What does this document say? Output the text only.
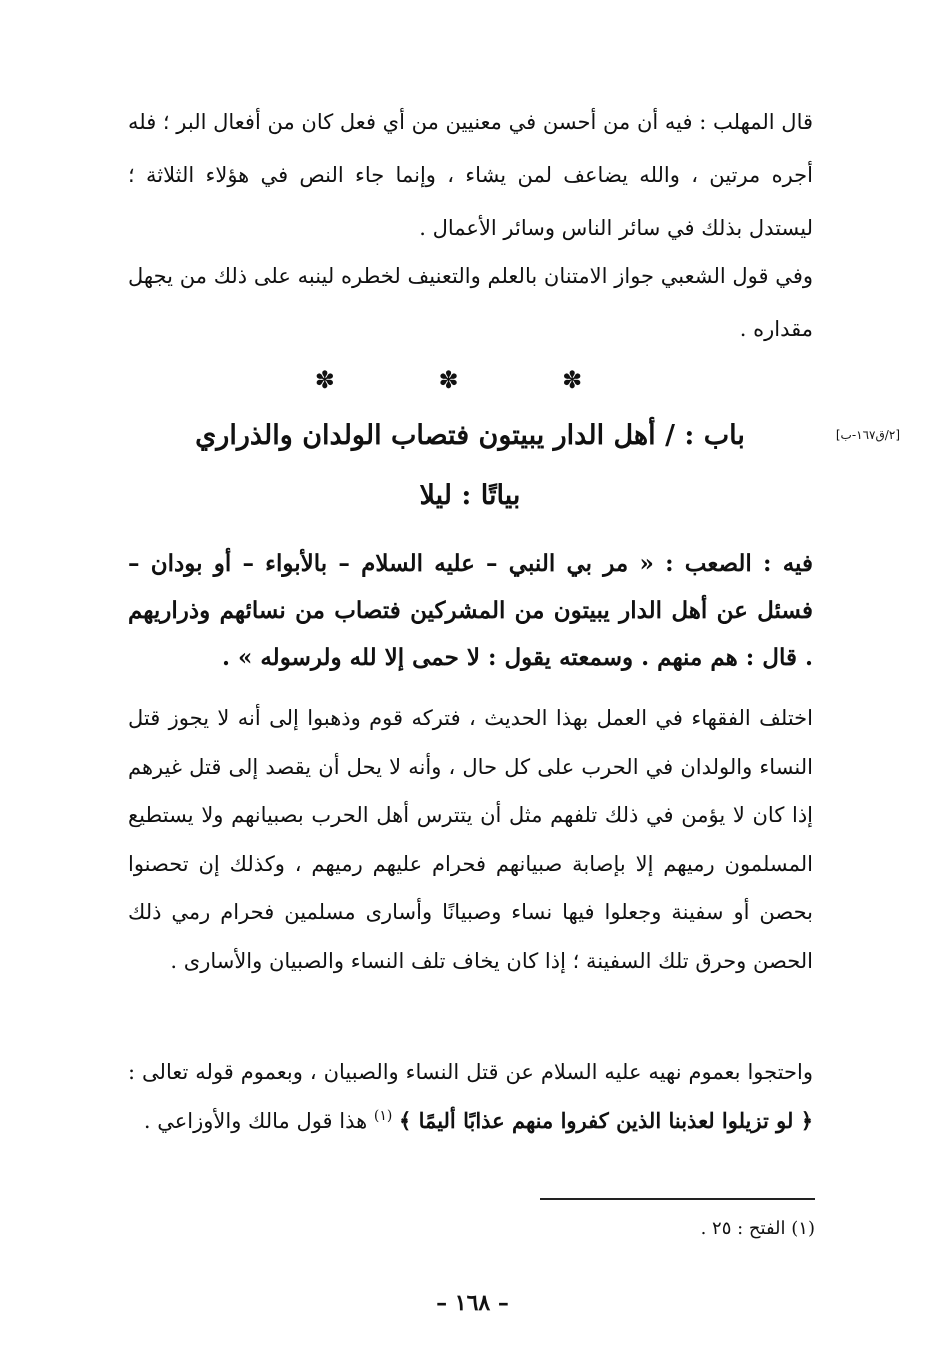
قال المهلب : فيه أن من أحسن في معنيين من أي فعل كان من أفعال البر ؛ فله أجره مرتين ، والله يضاعف لمن يشاء ، وإنما جاء النص في هؤلاء الثلاثة ؛ ليستدل بذلك في سائر الناس وسائر الأعمال .

وفي قول الشعبي جواز الامتنان بالعلم والتعنيف لخطره لينبه على ذلك من يجهل مقداره .

✽ ✽ ✽
[٢/ق١٦٧-ب]
باب : / أهل الدار يبيتون فتصاب الولدان والذراري
بياتًا : ليلا

فيه : الصعب : « مر بي النبي – عليه السلام – بالأبواء – أو بودان – فسئل عن أهل الدار يبيتون من المشركين فتصاب من نسائهم وذراريهم . قال : هم منهم . وسمعته يقول : لا حمى إلا لله ولرسوله » .

اختلف الفقهاء في العمل بهذا الحديث ، فتركه قوم وذهبوا إلى أنه لا يجوز قتل النساء والولدان في الحرب على كل حال ، وأنه لا يحل أن يقصد إلى قتل غيرهم إذا كان لا يؤمن في ذلك تلفهم مثل أن يتترس أهل الحرب بصبيانهم ولا يستطيع المسلمون رميهم إلا بإصابة صبيانهم فحرام عليهم رميهم ، وكذلك إن تحصنوا بحصن أو سفينة وجعلوا فيها نساء وصبيانًا وأسارى مسلمين فحرام رمي ذلك الحصن وحرق تلك السفينة ؛ إذا كان يخاف تلف النساء والصبيان والأسارى .

واحتجوا بعموم نهيه عليه السلام عن قتل النساء والصبيان ، وبعموم قوله تعالى : ﴿ لو تزيلوا لعذبنا الذين كفروا منهم عذابًا أليمًا ﴾ $^{(١)}$ هذا قول مالك والأوزاعي .

(١) الفتح : ٢٥ .
– ١٦٨ –
